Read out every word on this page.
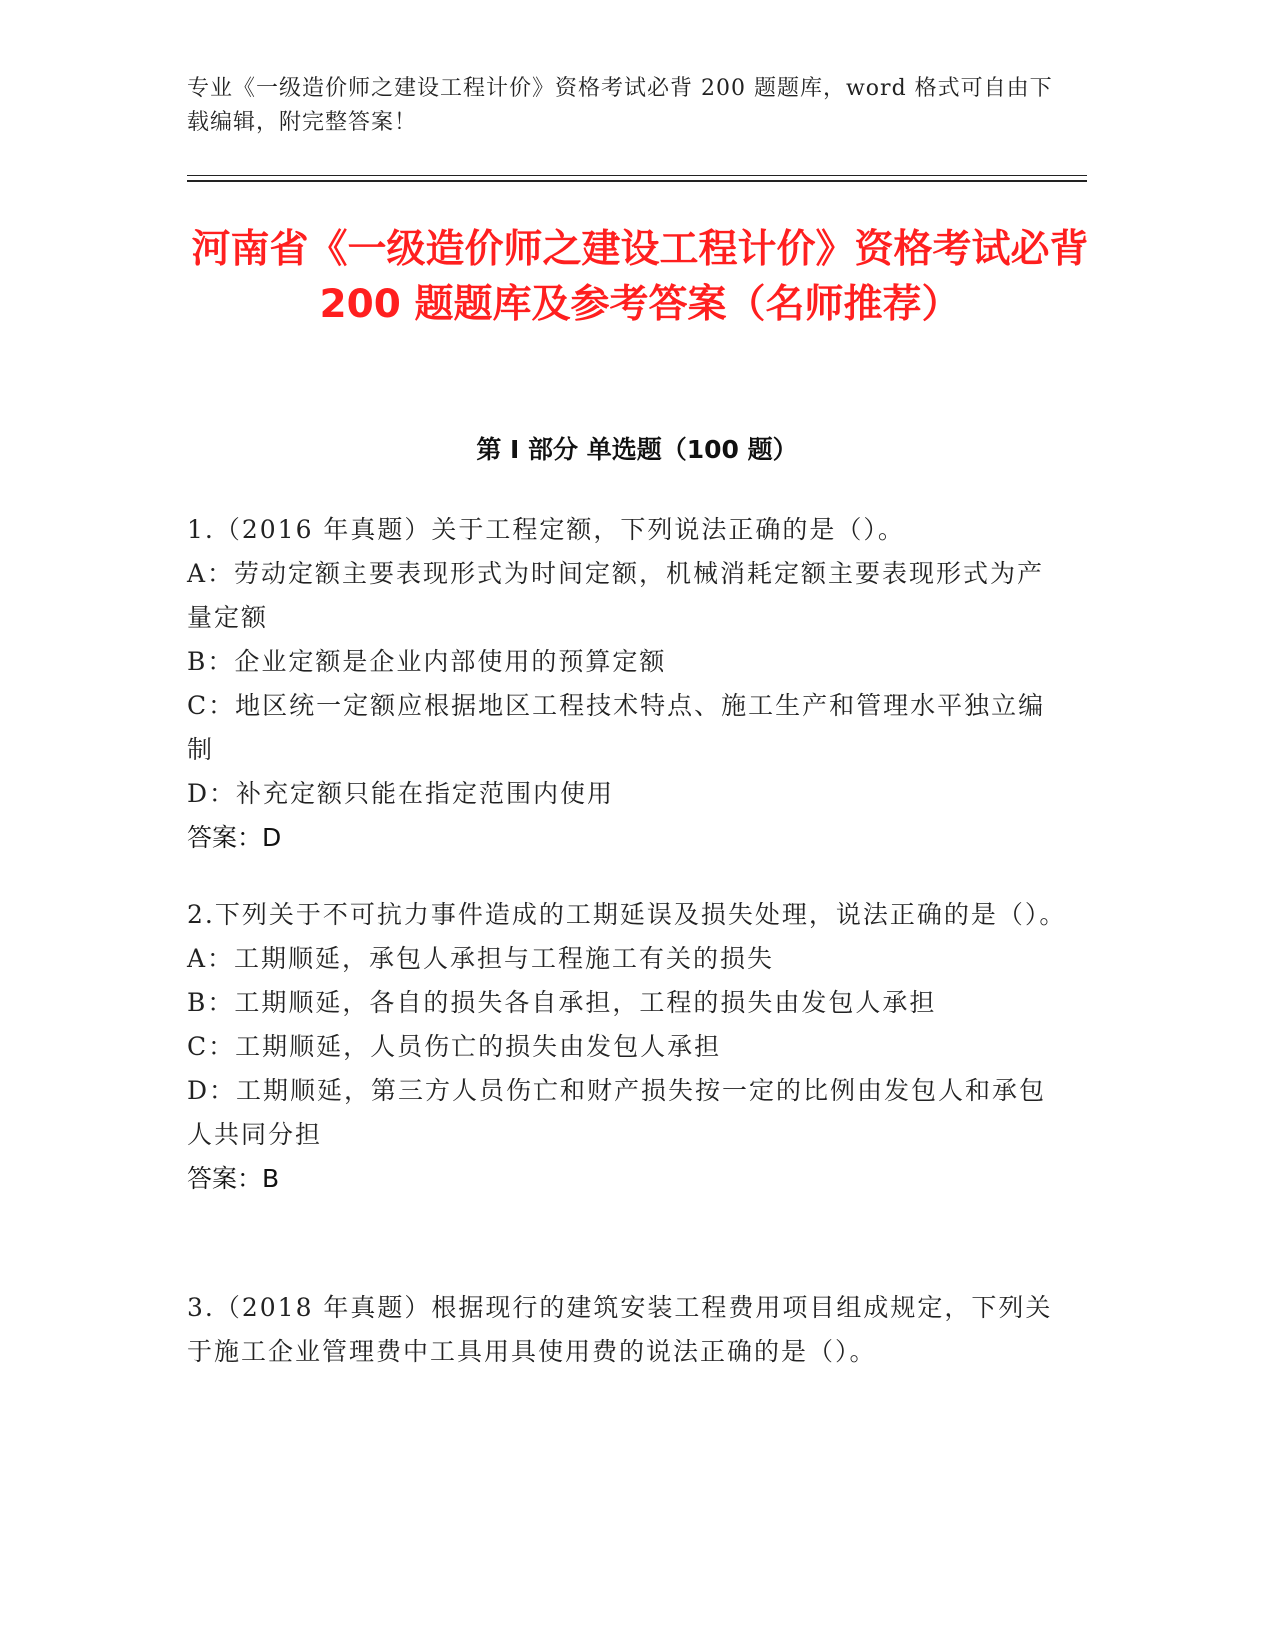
专业《一级造价师之建设工程计价》资格考试必背 200 题题库，word 格式可自由下载编辑，附完整答案！
河南省《一级造价师之建设工程计价》资格考试必背 200 题题库及参考答案（名师推荐）
第 I 部分 单选题（100 题）

1.（2016 年真题）关于工程定额，下列说法正确的是（）。

A：劳动定额主要表现形式为时间定额，机械消耗定额主要表现形式为产量定额

B：企业定额是企业内部使用的预算定额

C：地区统一定额应根据地区工程技术特点、施工生产和管理水平独立编制

D：补充定额只能在指定范围内使用

答案：D

2.下列关于不可抗力事件造成的工期延误及损失处理，说法正确的是（）。

A：工期顺延，承包人承担与工程施工有关的损失

B：工期顺延，各自的损失各自承担，工程的损失由发包人承担

C：工期顺延，人员伤亡的损失由发包人承担

D：工期顺延，第三方人员伤亡和财产损失按一定的比例由发包人和承包人共同分担

答案：B

3.（2018 年真题）根据现行的建筑安装工程费用项目组成规定，下列关于施工企业管理费中工具用具使用费的说法正确的是（）。
